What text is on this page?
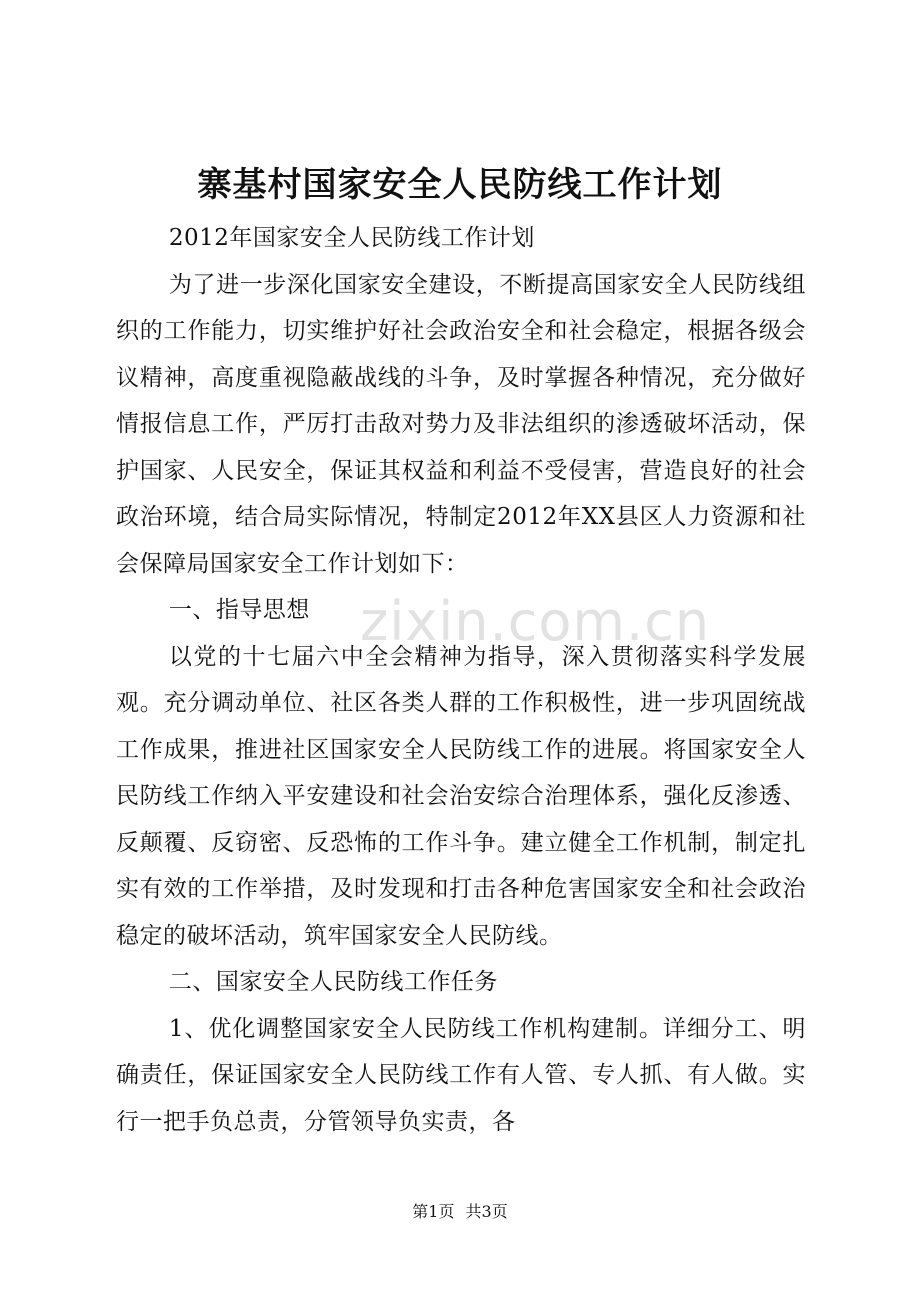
寨基村国家安全人民防线工作计划

2012年国家安全人民防线工作计划

为了进一步深化国家安全建设，不断提高国家安全人民防线组织的工作能力，切实维护好社会政治安全和社会稳定，根据各级会议精神，高度重视隐蔽战线的斗争，及时掌握各种情况，充分做好情报信息工作，严厉打击敌对势力及非法组织的渗透破坏活动，保护国家、人民安全，保证其权益和利益不受侵害，营造良好的社会政治环境，结合局实际情况，特制定2012年XX县区人力资源和社会保障局国家安全工作计划如下：

一、指导思想

以党的十七届六中全会精神为指导，深入贯彻落实科学发展观。充分调动单位、社区各类人群的工作积极性，进一步巩固统战工作成果，推进社区国家安全人民防线工作的进展。将国家安全人民防线工作纳入平安建设和社会治安综合治理体系，强化反渗透、反颠覆、反窃密、反恐怖的工作斗争。建立健全工作机制，制定扎实有效的工作举措，及时发现和打击各种危害国家安全和社会政治稳定的破坏活动，筑牢国家安全人民防线。

二、国家安全人民防线工作任务

1、优化调整国家安全人民防线工作机构建制。详细分工、明确责任，保证国家安全人民防线工作有人管、专人抓、有人做。实行一把手负总责，分管领导负实责，各

zixin.com.cn
第1页 共3页
